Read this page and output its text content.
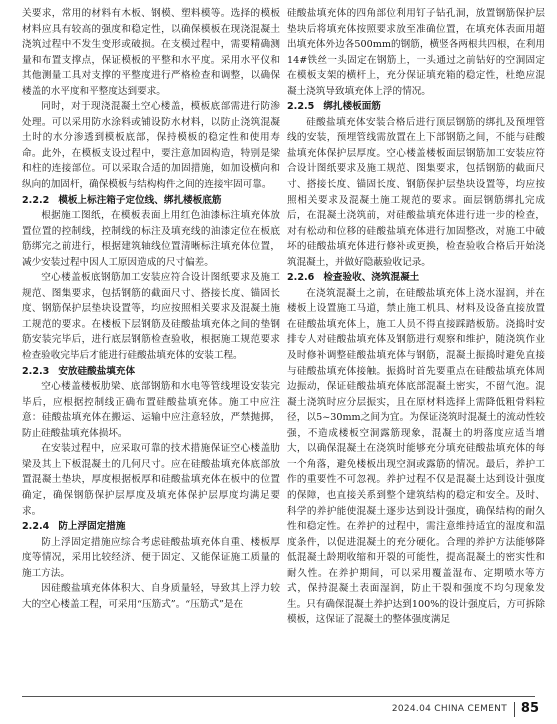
关要求，常用的材料有木板、钢模、塑料模等。选择的模板材料应具有较高的强度和稳定性，以确保模板在现浇混凝土浇筑过程中不发生变形或破损。在支模过程中，需要精确测量和布置支撑点，保证模板的平整和水平度。采用水平仪和其他测量工具对支撑的平整度进行严格检查和调整，以确保楼盖的水平度和平整度达到要求。

同时，对于现浇混凝土空心楼盖，模板底部需进行防渗处理。可以采用防水涂料或铺设防水材料，以防止浇筑混凝土时的水分渗透到模板底部，保持模板的稳定性和使用寿命。此外，在模板支设过程中，要注意加固构造，特别是梁和柱的连接部位。可以采取合适的加固措施，如加设横向和纵向的加固杆，确保模板与结构构件之间的连接牢固可靠。

2.2.2 模板上标注箱子定位线、绑扎楼板底筋

根据施工图纸，在模板表面上用红色油漆标注填充体放置位置的控制线，控制线的标注及填充线的油漆定位在板底筋绑完之前进行，根据建筑轴线位置清晰标注填充体位置，减少安装过程中因人工原因造成的尺寸偏差。

空心楼盖板底钢筋加工安装应符合设计图纸要求及施工规范、图集要求，包括钢筋的截面尺寸、搭接长度、锚固长度、钢筋保护层垫块设置等，均应按照相关要求及混凝土施工规范的要求。在楼板下层钢筋及硅酸盐填充体之间的垫钢筋安装完毕后，进行底层钢筋检查验收，根据施工规范要求检查验收完毕后才能进行硅酸盐填充体的安装工程。

2.2.3 安放硅酸盐填充体

空心楼盖楼板肋梁、底部钢筋和水电等管线埋设安装完毕后，应根据控制线正确布置硅酸盐填充体。施工中应注意：硅酸盐填充体在搬运、运输中应注意轻放，严禁抛掷，防止硅酸盐填充体损坏。

在安装过程中，应采取可靠的技术措施保证空心楼盖肋梁及其上下板混凝土的几何尺寸。应在硅酸盐填充体底部放置混凝土垫块，厚度根据板厚和硅酸盐填充体在板中的位置确定，确保钢筋保护层厚度及填充体保护层厚度均满足要求。

2.2.4 防上浮固定措施

防上浮固定措施应综合考虑硅酸盐填充体自重、楼板厚度等情况，采用比较经济、便于固定、又能保证施工质量的施工方法。

因硅酸盐填充体体积大、自身质量轻，导致其上浮力较大的空心楼盖工程，可采用“压筋式”。“压筋式”是在

硅酸盐填充体的四角部位利用钉子钻孔洞，放置钢筋保护层垫块后将填充体按照要求放至准确位置，在填充体表面用超出填充体外边各500mm的钢筋，横竖各两根共四根，在利用14#铁丝一头固定在钢筋上，一头通过之前钻好的空洞固定在模板支架的横杆上，充分保证填充箱的稳定性，杜绝应混凝土浇筑导致填充体上浮的情况。

2.2.5 绑扎楼板面筋

硅酸盐填充体安装合格后进行顶层钢筋的绑扎及预埋管线的安装，预埋管线需放置在上下部钢筋之间，不能与硅酸盐填充体保护层厚度。空心楼盖楼板面层钢筋加工安装应符合设计图纸要求及施工规范、图集要求，包括钢筋的截面尺寸、搭接长度、锚固长度、钢筋保护层垫块设置等，均应按照相关要求及混凝土施工规范的要求。面层钢筋绑扎完成后，在混凝土浇筑前，对硅酸盐填充体进行进一步的检查，对有松动和位移的硅酸盐填充体进行加固整改，对施工中破坏的硅酸盐填充体进行修补或更换，检查验收合格后开始浇筑混凝土，并做好隐蔽验收记录。

2.2.6 检查验收、浇筑混凝土

在浇筑混凝土之前，在硅酸盐填充体上浇水湿润，并在楼板上设置施工马道，禁止施工机具、材料及设备直接放置在硅酸盐填充体上，施工人员不得直接踩踏板筋。浇捣时安排专人对硅酸盐填充体及钢筋进行观察和维护，随浇筑作业及时修补调整硅酸盐填充体与钢筋，混凝土振捣时避免直接与硅酸盐填充体接触。振捣时首先要重点在硅酸盐填充体周边振动，保证硅酸盐填充体底部混凝土密实，不留气泡。混凝土浇筑时应分层振实，且在原材料选择上需降低粗骨料粒径，以5~30mm之间为宜。为保证浇筑时混凝土的流动性较强，不造成楼板空洞露筋现象，混凝土的坍落度应适当增大，以确保混凝土在浇筑时能够充分填充硅酸盐填充体的每一个角落，避免楼板出现空洞或露筋的情况。最后，养护工作的重要性不可忽视。养护过程不仅是混凝土达到设计强度的保障，也直接关系到整个建筑结构的稳定和安全。及时、科学的养护能使混凝土逐步达到设计强度，确保结构的耐久性和稳定性。在养护的过程中，需注意维持适宜的湿度和温度条件，以促进混凝土的充分硬化。合理的养护方法能够降低混凝土龄期收缩和开裂的可能性，提高混凝土的密实性和耐久性。在养护期间，可以采用覆盖湿布、定期喷水等方式，保持混凝土表面湿润，防止干裂和强度不均匀现象发生。只有确保混凝土养护达到100%的设计强度后，方可拆除模板，这保证了混凝土的整体强度满足

2024.04 CHINA CEMENT 85
